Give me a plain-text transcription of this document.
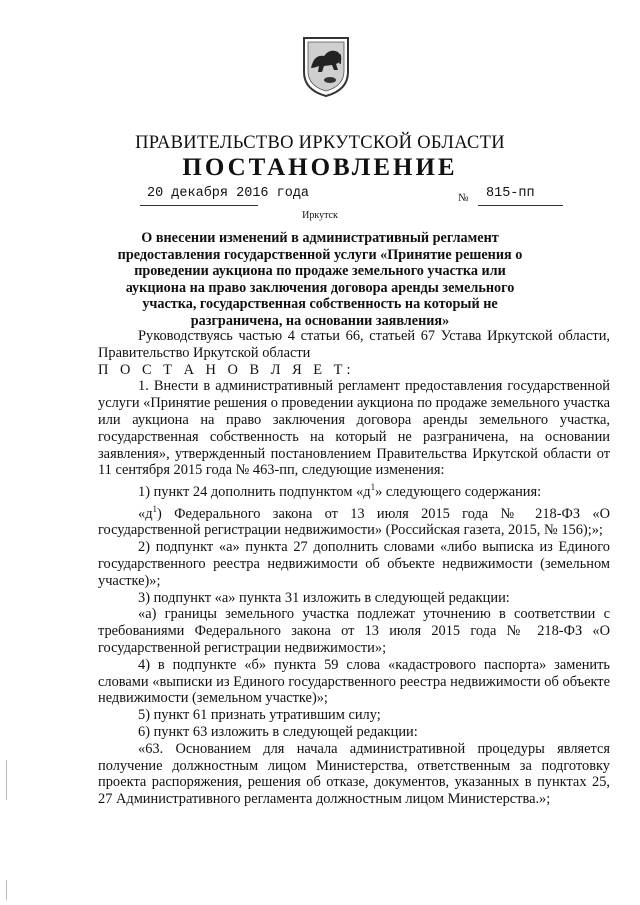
ПРАВИТЕЛЬСТВО ИРКУТСКОЙ ОБЛАСТИ
ПОСТАНОВЛЕНИЕ
20 декабря 2016 года	№ 815-пп
Иркутск
О внесении изменений в административный регламент предоставления государственной услуги «Принятие решения о проведении аукциона по продаже земельного участка или аукциона на право заключения договора аренды земельного участка, государственная собственность на который не разграничена, на основании заявления»

Руководствуясь частью 4 статьи 66, статьей 67 Устава Иркутской области, Правительство Иркутской области

П О С Т А Н О В Л Я Е Т:

1. Внести в административный регламент предоставления государственной услуги «Принятие решения о проведении аукциона по продаже земельного участка или аукциона на право заключения договора аренды земельного участка, государственная собственность на который не разграничена, на основании заявления», утвержденный постановлением Правительства Иркутской области от 11 сентября 2015 года № 463-пп, следующие изменения:

1) пункт 24 дополнить подпунктом «$д^1$» следующего содержания:

«$д^1$) Федерального закона от 13 июля 2015 года № 218-ФЗ «О государственной регистрации недвижимости» (Российская газета, 2015, № 156);»;

2) подпункт «а» пункта 27 дополнить словами «либо выписка из Единого государственного реестра недвижимости об объекте недвижимости (земельном участке)»;

3) подпункт «а» пункта 31 изложить в следующей редакции:

«а) границы земельного участка подлежат уточнению в соответствии с требованиями Федерального закона от 13 июля 2015 года № 218-ФЗ «О государственной регистрации недвижимости»;

4) в подпункте «б» пункта 59 слова «кадастрового паспорта» заменить словами «выписки из Единого государственного реестра недвижимости об объекте недвижимости (земельном участке)»;

5) пункт 61 признать утратившим силу;

6) пункт 63 изложить в следующей редакции:

«63. Основанием для начала административной процедуры является получение должностным лицом Министерства, ответственным за подготовку проекта распоряжения, решения об отказе, документов, указанных в пунктах 25, 27 Административного регламента должностным лицом Министерства.»;
